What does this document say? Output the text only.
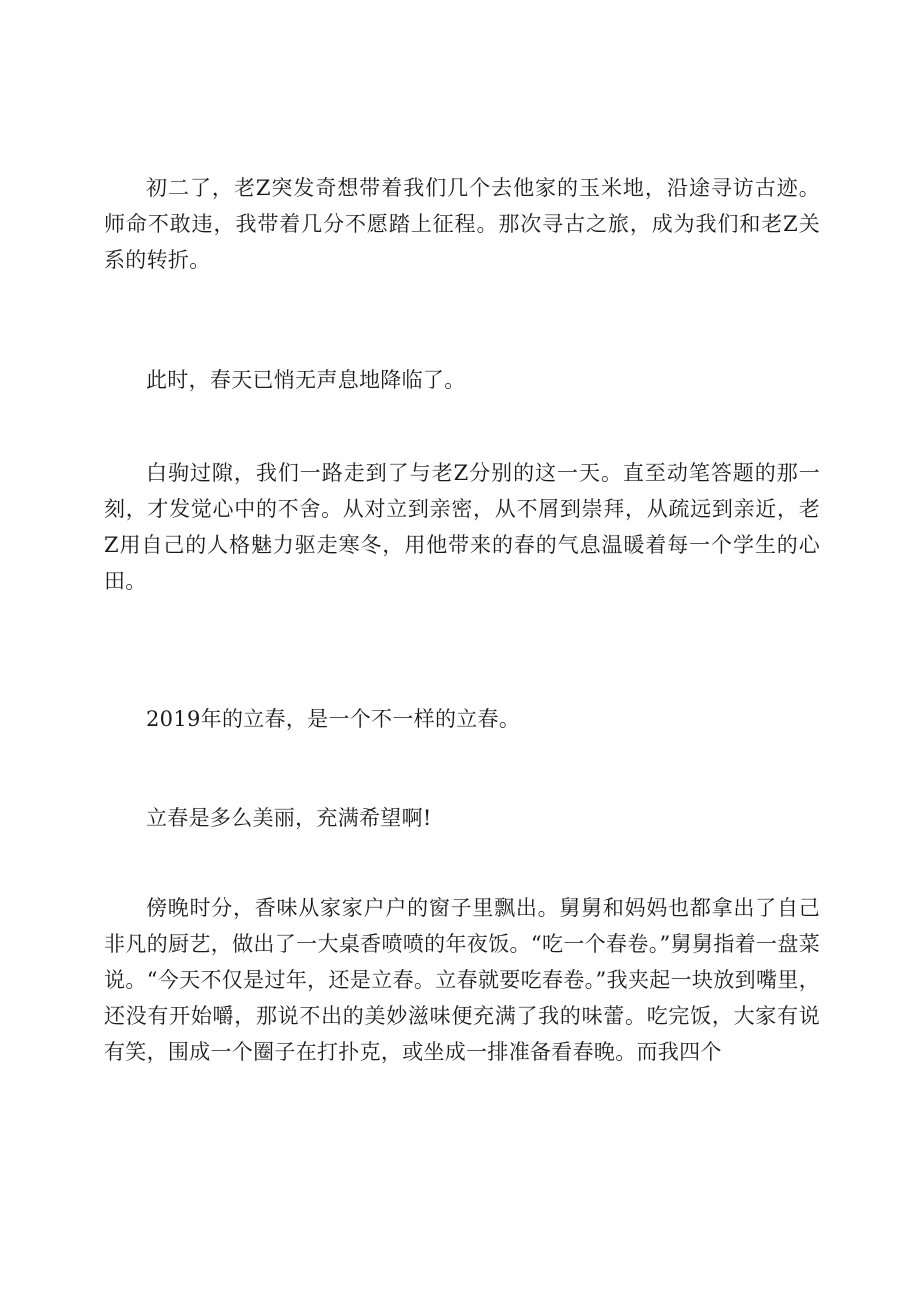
初二了，老Z突发奇想带着我们几个去他家的玉米地，沿途寻访古迹。师命不敢违，我带着几分不愿踏上征程。那次寻古之旅，成为我们和老Z关系的转折。

此时，春天已悄无声息地降临了。

白驹过隙，我们一路走到了与老Z分别的这一天。直至动笔答题的那一刻，才发觉心中的不舍。从对立到亲密，从不屑到崇拜，从疏远到亲近，老Z用自己的人格魅力驱走寒冬，用他带来的春的气息温暖着每一个学生的心田。

2019年的立春，是一个不一样的立春。

立春是多么美丽，充满希望啊!

傍晚时分，香味从家家户户的窗子里飘出。舅舅和妈妈也都拿出了自己非凡的厨艺，做出了一大桌香喷喷的年夜饭。“吃一个春卷。”舅舅指着一盘菜说。“今天不仅是过年，还是立春。立春就要吃春卷。”我夹起一块放到嘴里，还没有开始嚼，那说不出的美妙滋味便充满了我的味蕾。吃完饭，大家有说有笑，围成一个圈子在打扑克，或坐成一排准备看春晚。而我四个
